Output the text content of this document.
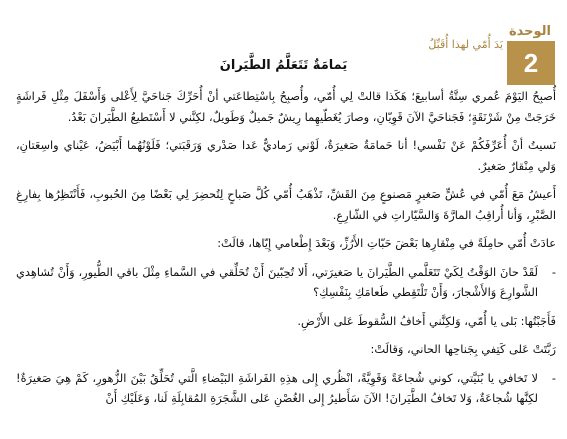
الوحدة
2
يَدَ أُمّي ‏لهذا أُقَبِّلُ
يَمامَةٌ تَتَعَلَّمُ الطَّيَرانَ

أُصبِحُ اليَوْمَ عُمري سِتَّةُ أسابيعَ؛ هَكَذا قالتْ لِي أُمّي، وأُصبِحُ بِاسْتِطاعَتي أنْ أُحَرِّكَ جَناحَيَّ لِأَعْلى وَأَسْفَلَ مِثْلِ فَراشَةٍ خَرَجَتْ مِنْ شَرْنَقَةٍ؛ فَجَناحَيَّ الآنَ قَوِيّانِ، وصارَ يُغَطّيهِما رِيشٌ جَميلٌ وَطَويلٌ، لكِنَّني لا أَسْتَطيعُ الطَّيَرانَ بَعْدُ.

نَسيتُ أنْ أُعَرِّفَكُمْ عَنْ نَفْسي! أنا حَمامَةٌ صَغيرَةٌ، لَوْني رَماديٌّ عَدا صَدْري وَرَقَبَتي؛ فَلَوْنُهُما أَبْيَضُ، عَيْناي واسِعَتانِ، وَلي مِنْقارٌ صَغيرٌ.

أَعيشُ مَعَ أُمّي في عُشٍّ صَغيرٍ مَصنوعٍ مِنَ القَشِّ، تَذْهَبُ أُمّي كُلَّ صَباحٍ لِتُحضِرَ لِي بَعْضًا مِنَ الحُبوبِ، فَأَنْتَظِرُها بِفارِغِ الصَّبْرِ، وَأنا أُراقِبُ المارَّةَ وَالسَّيّاراتِ في الشّارِعِ.

عادَتْ أُمّي حامِلَةً في مِنْقارِها بَعْضَ حَبّاتِ الأَرُزِّ، وَبَعْدَ إِطْعامي إِيّاها، قالَتْ:

-
لَقَدْ حانَ الوَقْتُ لِكَيْ تَتَعَلَّمي الطَّيَرانَ يا صَغيرَتي، أَلا تُحِبّينَ أَنْ تُحَلِّقي في السَّماءِ مِثْلَ باقي الطُّيورِ، وَأَنْ تُشاهِدي الشَّوارِعَ وَالأَشْجارَ، وَأَنْ تَلْتَقِطي طَعامَكِ بِنَفْسِكِ؟

فَأَجَبْتُها: بَلى يا أُمّي، وَلكِنَّني أَخافُ السُّقوطَ عَلى الأَرْضِ.

رَبَّتَتْ عَلى كَتِفي بِجَناحِها الحاني، وَقالَتْ:

-
لا تَخافي يا بُنَيَّتي، كوني شُجاعَةً وَقَوِيَّةً، انْظُري إِلى هذِهِ الفَراشَةِ البَيْضاءِ الَّتي تُحَلِّقُ بَيْنَ الزُّهورِ، كَمْ هِيَ صَغيرَةٌ! لكِنَّها شُجاعَةٌ، وَلا تَخافُ الطَّيَرانَ! الآنَ سَأَطيرُ إِلى الغُصْنِ عَلى الشَّجَرَةِ المُقابِلَةِ لَنا، وَعَلَيْكِ أَنْ
